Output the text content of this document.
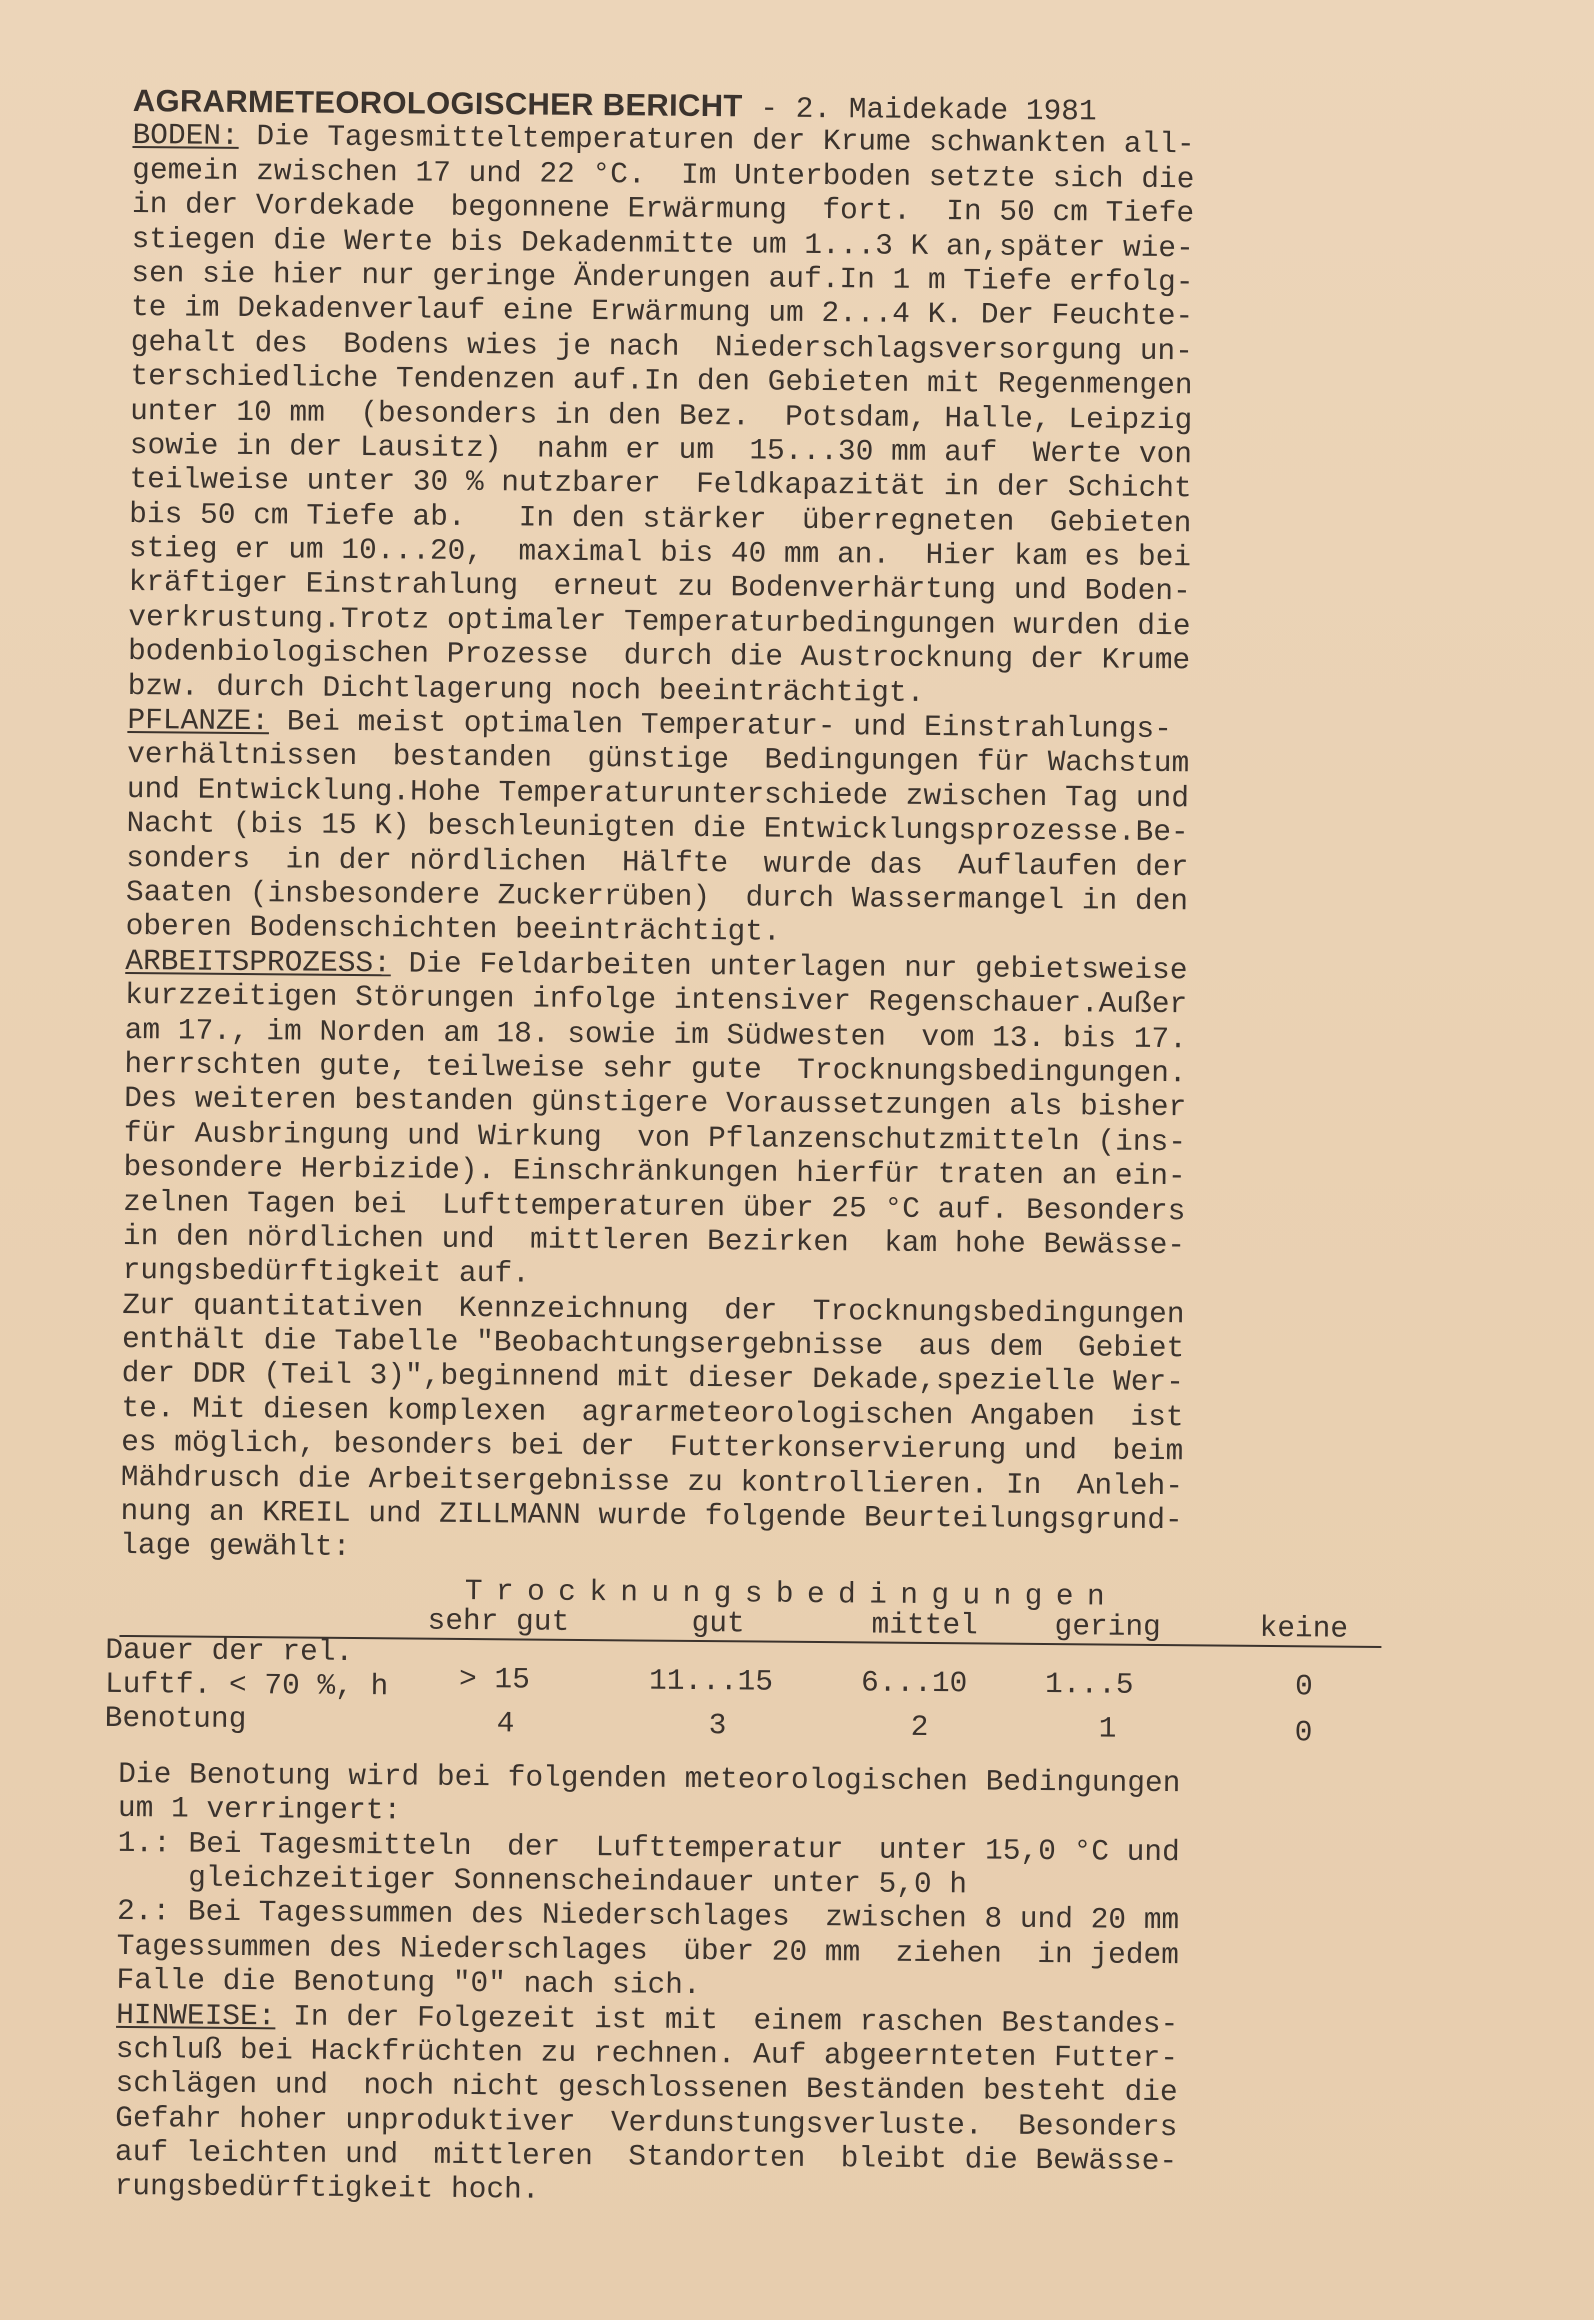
AGRARMETEOROLOGISCHER BERICHT - 2. Maidekade 1981
BODEN: Die Tagesmitteltemperaturen der Krume schwankten all-
gemein zwischen 17 und 22 °C.  Im Unterboden setzte sich die
in der Vordekade  begonnene Erwärmung  fort.  In 50 cm Tiefe
stiegen die Werte bis Dekadenmitte um 1...3 K an,später wie-
sen sie hier nur geringe Änderungen auf.In 1 m Tiefe erfolg-
te im Dekadenverlauf eine Erwärmung um 2...4 K. Der Feuchte-
gehalt des  Bodens wies je nach  Niederschlagsversorgung un-
terschiedliche Tendenzen auf.In den Gebieten mit Regenmengen
unter 10 mm  (besonders in den Bez.  Potsdam, Halle, Leipzig
sowie in der Lausitz)  nahm er um  15...30 mm auf  Werte von
teilweise unter 30 % nutzbarer  Feldkapazität in der Schicht
bis 50 cm Tiefe ab.   In den stärker  überregneten  Gebieten
stieg er um 10...20,  maximal bis 40 mm an.  Hier kam es bei
kräftiger Einstrahlung  erneut zu Bodenverhärtung und Boden-
verkrustung.Trotz optimaler Temperaturbedingungen wurden die
bodenbiologischen Prozesse  durch die Austrocknung der Krume
bzw. durch Dichtlagerung noch beeinträchtigt.
PFLANZE: Bei meist optimalen Temperatur- und Einstrahlungs-
verhältnissen  bestanden  günstige  Bedingungen für Wachstum
und Entwicklung.Hohe Temperaturunterschiede zwischen Tag und
Nacht (bis 15 K) beschleunigten die Entwicklungsprozesse.Be-
sonders  in der nördlichen  Hälfte  wurde das  Auflaufen der
Saaten (insbesondere Zuckerrüben)  durch Wassermangel in den
oberen Bodenschichten beeinträchtigt.
ARBEITSPROZESS: Die Feldarbeiten unterlagen nur gebietsweise
kurzzeitigen Störungen infolge intensiver Regenschauer.Außer
am 17., im Norden am 18. sowie im Südwesten  vom 13. bis 17.
herrschten gute, teilweise sehr gute  Trocknungsbedingungen.
Des weiteren bestanden günstigere Voraussetzungen als bisher
für Ausbringung und Wirkung  von Pflanzenschutzmitteln (ins-
besondere Herbizide). Einschränkungen hierfür traten an ein-
zelnen Tagen bei  Lufttemperaturen über 25 °C auf. Besonders
in den nördlichen und  mittleren Bezirken  kam hohe Bewässe-
rungsbedürftigkeit auf.
Zur quantitativen  Kennzeichnung  der  Trocknungsbedingungen
enthält die Tabelle "Beobachtungsergebnisse  aus dem  Gebiet
der DDR (Teil 3)",beginnend mit dieser Dekade,spezielle Wer-
te. Mit diesen komplexen  agrarmeteorologischen Angaben  ist
es möglich, besonders bei der  Futterkonservierung und  beim
Mähdrusch die Arbeitsergebnisse zu kontrollieren. In  Anleh-
nung an KREIL und ZILLMANN wurde folgende Beurteilungsgrund-
lage gewählt:
Trocknungsbedingungen
sehr gut	gut	mittel	gering	keine
Dauer der rel.
Luftf. < 70 %, h > 15	11...15	6...10	1...5	0
Benotung	4	3	2	1	0
Die Benotung wird bei folgenden meteorologischen Bedingungen
um 1 verringert:
1.: Bei Tagesmitteln  der  Lufttemperatur  unter 15,0 °C und
gleichzeitiger Sonnenscheindauer unter 5,0 h
2.: Bei Tagessummen des Niederschlages  zwischen 8 und 20 mm
Tagessummen des Niederschlages  über 20 mm  ziehen  in jedem
Falle die Benotung "0" nach sich.
HINWEISE: In der Folgezeit ist mit  einem raschen Bestandes-
schluß bei Hackfrüchten zu rechnen. Auf abgeernteten Futter-
schlägen und  noch nicht geschlossenen Beständen besteht die
Gefahr hoher unproduktiver  Verdunstungsverluste.  Besonders
auf leichten und  mittleren  Standorten  bleibt die Bewässe-
rungsbedürftigkeit hoch.
